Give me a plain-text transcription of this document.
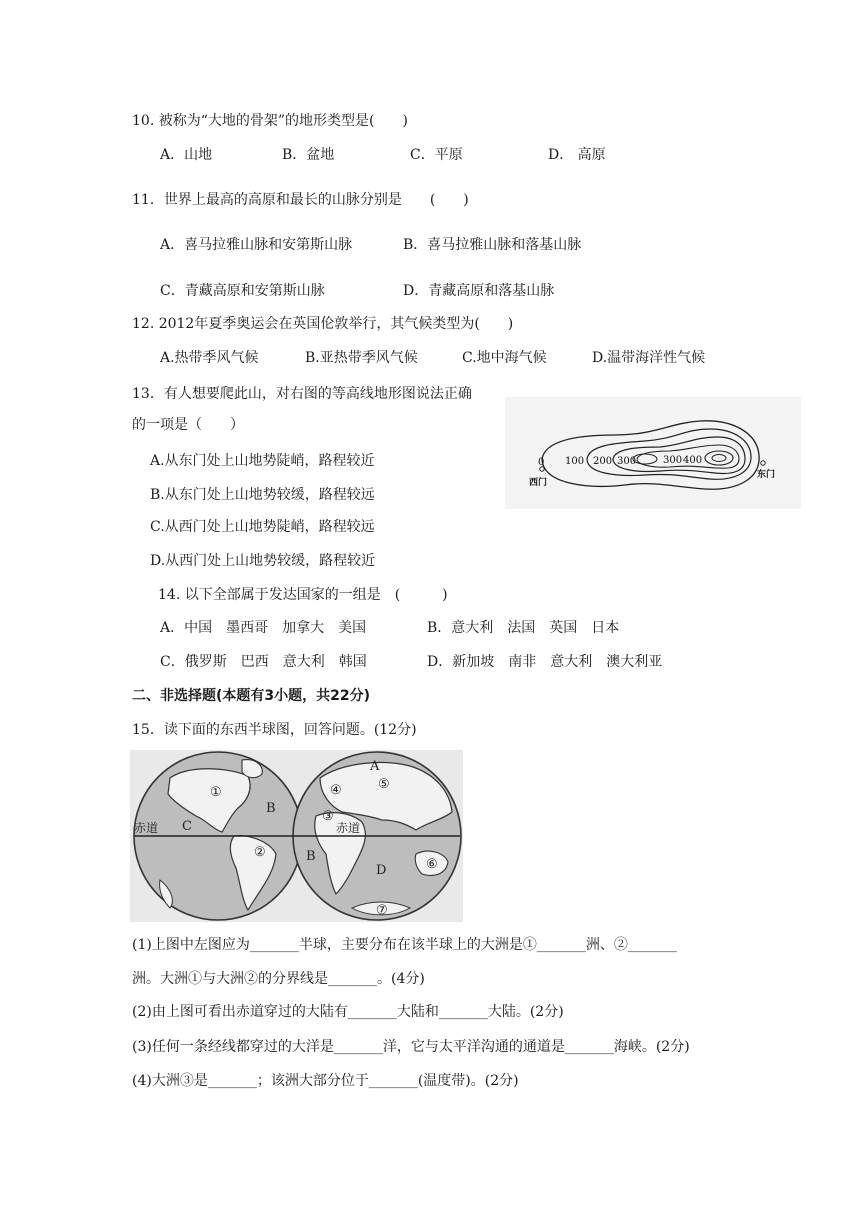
10. 被称为“大地的骨架”的地形类型是(　　)
A．山地	B．盆地	C．平原	D． 高原
11．世界上最高的高原和最长的山脉分别是　　(　　)
A．喜马拉雅山脉和安第斯山脉	B．喜马拉雅山脉和落基山脉
C．青藏高原和安第斯山脉	D．青藏高原和落基山脉
12. 2012年夏季奥运会在英国伦敦举行，其气候类型为(　　)
A.热带季风气候	B.亚热带季风气候	C.地中海气候	D.温带海洋性气候
13．有人想要爬此山，对右图的等高线地形图说法正确
的一项是（　　）
A.从东门处上山地势陡峭，路程较近
B.从东门处上山地势较缓，路程较远
C.从西门处上山地势陡峭，路程较远
D.从西门处上山地势较缓，路程较近
0 100 200 300	300 400
西门
东门
14. 以下全部属于发达国家的一组是　(　　　)
A．中国　墨西哥　加拿大　美国	B．意大利　法国　英国　日本
C．俄罗斯　巴西　意大利　韩国	D．新加坡　南非　意大利　澳大利亚
二、非选择题(本题有3小题，共22分)
15．读下面的东西半球图，回答问题。(12分)
①
②
③
④	⑤
⑥
⑦
A
B
B
C
D
赤道	赤道
(1)上图中左图应为_______半球，主要分布在该半球上的大洲是①_______洲、②_______
洲。大洲①与大洲②的分界线是_______。(4分)
(2)由上图可看出赤道穿过的大陆有_______大陆和_______大陆。(2分)
(3)任何一条经线都穿过的大洋是_______洋，它与太平洋沟通的通道是_______海峡。(2分)
(4)大洲③是_______；该洲大部分位于_______(温度带)。(2分)
